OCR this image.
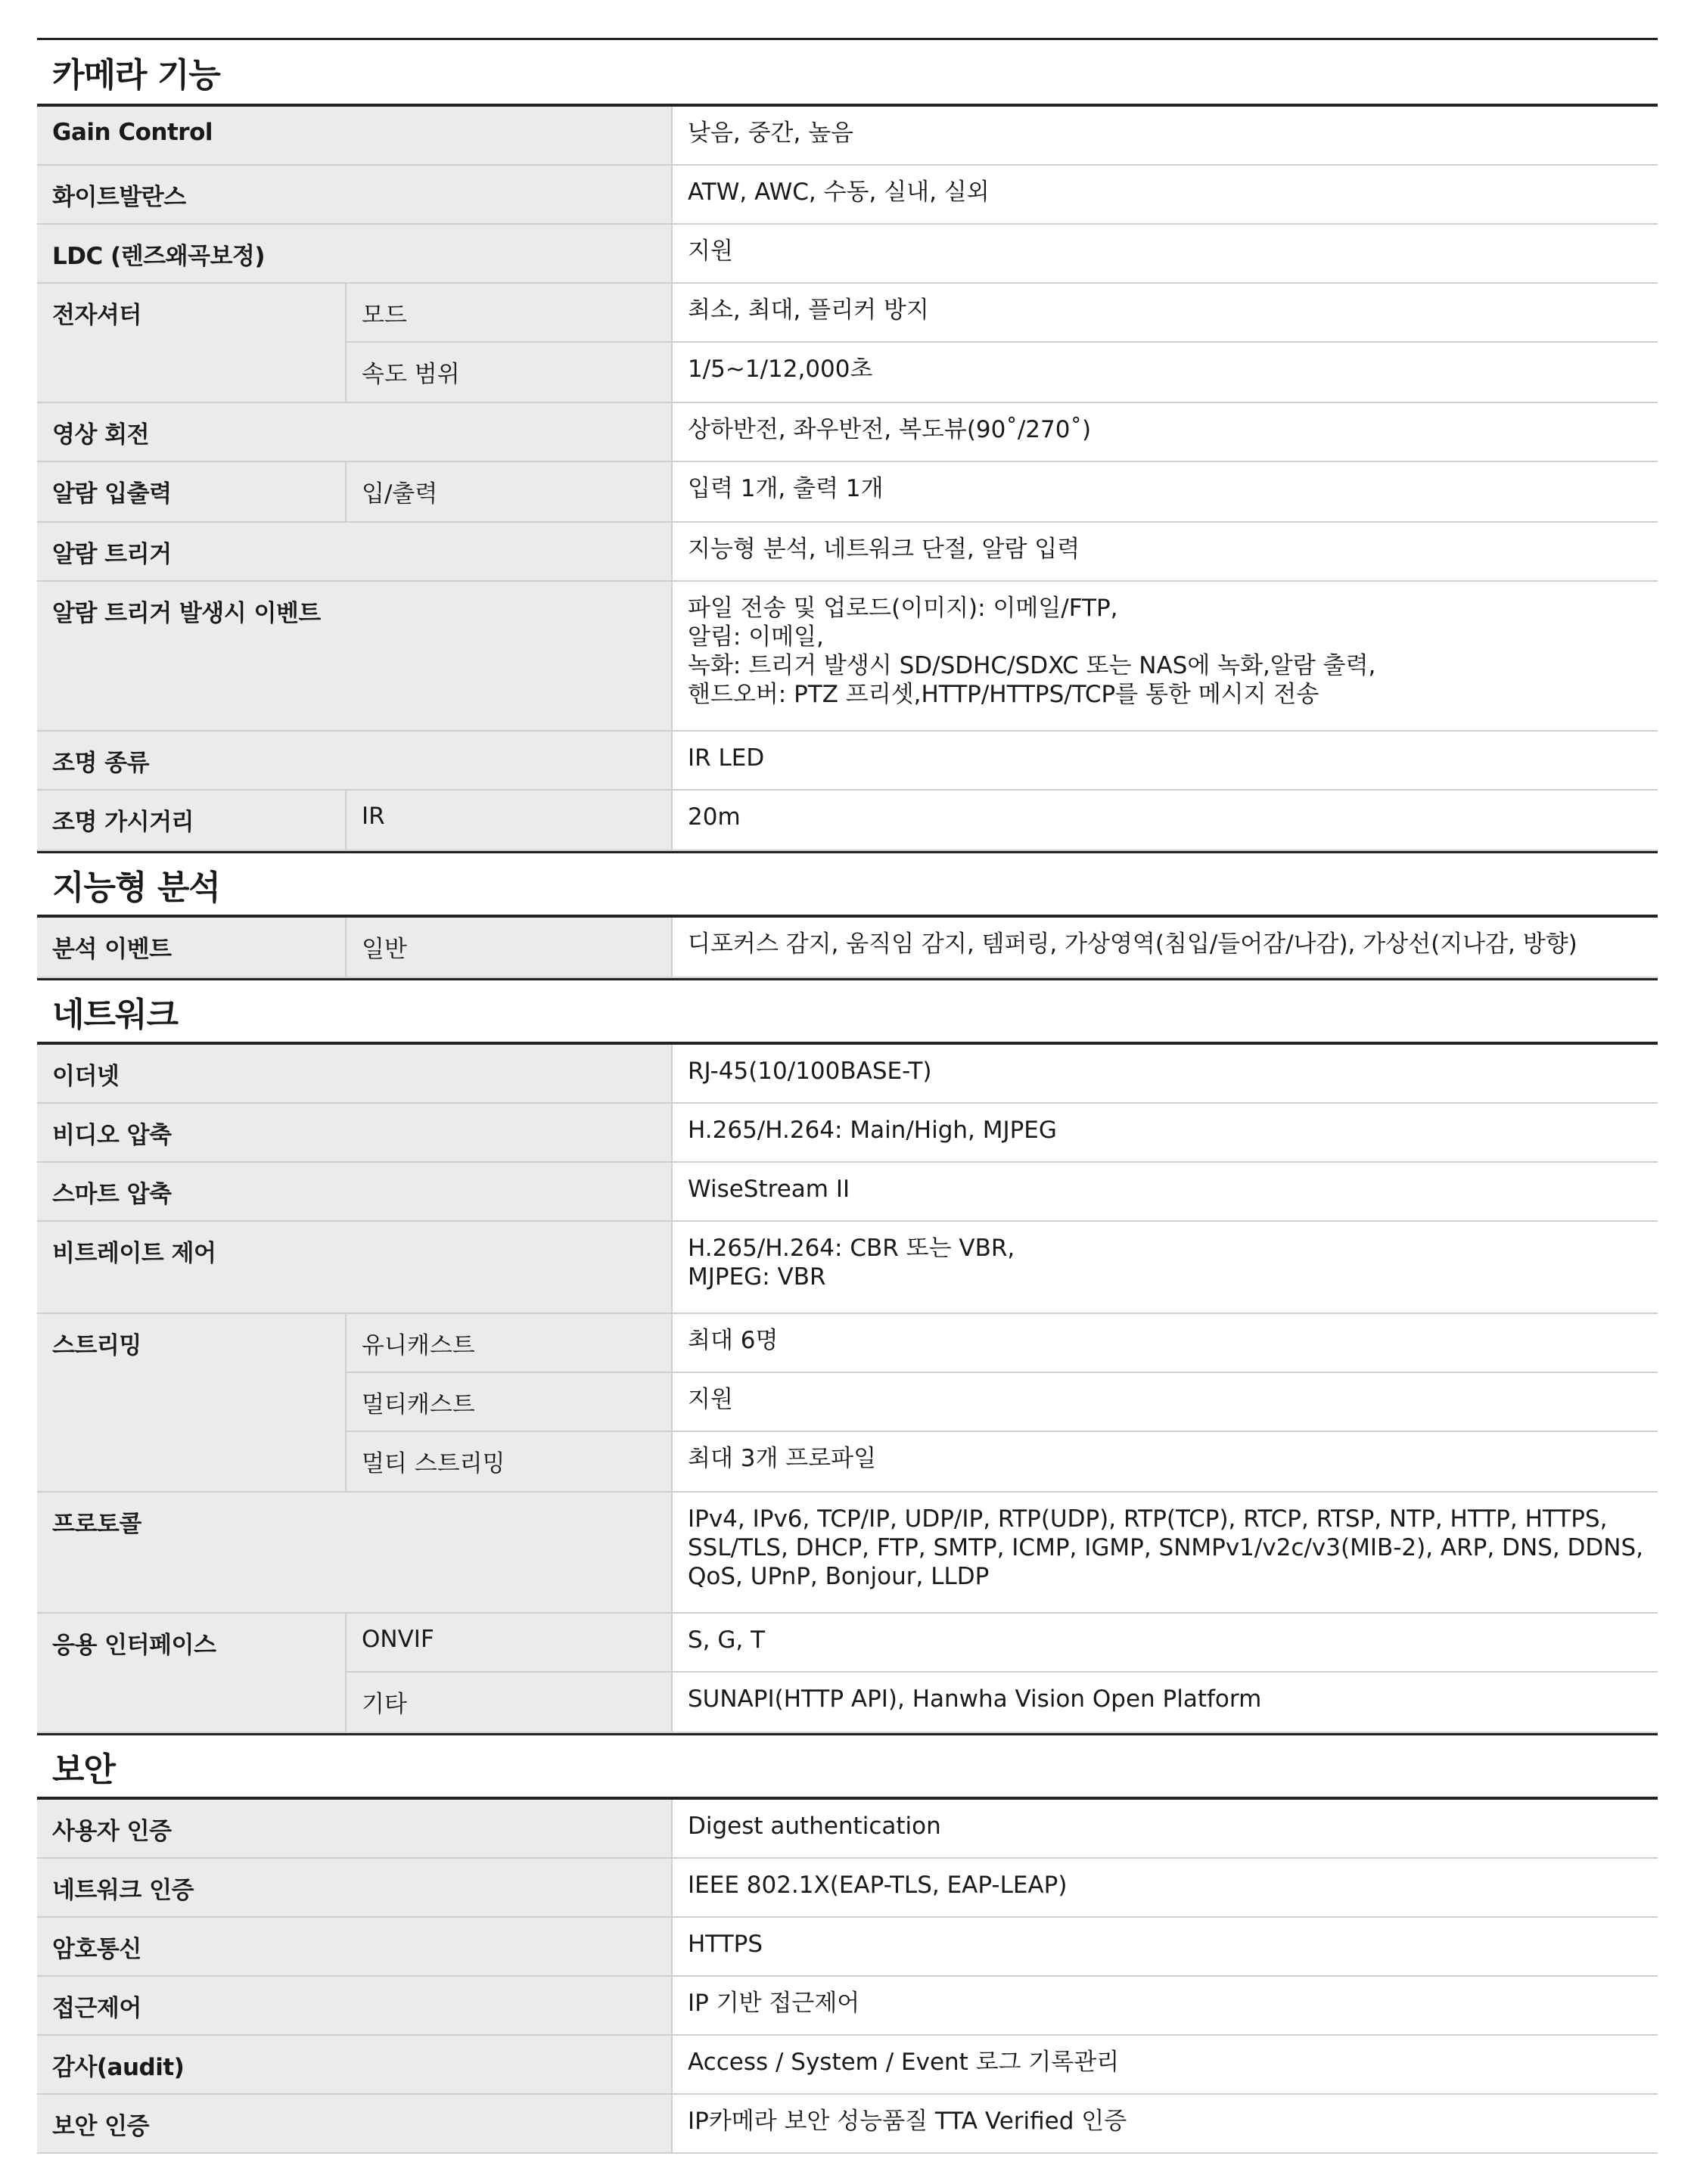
카메라 기능
Gain Control	낮음, 중간, 높음
화이트발란스	ATW, AWC, 수동, 실내, 실외
LDC (렌즈왜곡보정)	지원
전자셔터	모드	최소, 최대, 플리커 방지
속도 범위	1/5~1/12,000초
영상 회전	상하반전, 좌우반전, 복도뷰(90˚/270˚)
알람 입출력	입/출력	입력 1개, 출력 1개
알람 트리거	지능형 분석, 네트워크 단절, 알람 입력
알람 트리거 발생시 이벤트	파일 전송 및 업로드(이미지): 이메일/FTP,
알림: 이메일,
녹화: 트리거 발생시 SD/SDHC/SDXC 또는 NAS에 녹화,알람 출력,
핸드오버: PTZ 프리셋,HTTP/HTTPS/TCP를 통한 메시지 전송
조명 종류	IR LED
조명 가시거리	IR	20m
지능형 분석
분석 이벤트	일반	디포커스 감지, 움직임 감지, 템퍼링, 가상영역(침입/들어감/나감), 가상선(지나감, 방향)
네트워크
이더넷	RJ-45(10/100BASE-T)
비디오 압축	H.265/H.264: Main/High, MJPEG
스마트 압축	WiseStream II
비트레이트 제어	H.265/H.264: CBR 또는 VBR,
MJPEG: VBR
스트리밍	유니캐스트	최대 6명
멀티캐스트	지원
멀티 스트리밍	최대 3개 프로파일
프로토콜	IPv4, IPv6, TCP/IP, UDP/IP, RTP(UDP), RTP(TCP), RTCP, RTSP, NTP, HTTP, HTTPS,
SSL/TLS, DHCP, FTP, SMTP, ICMP, IGMP, SNMPv1/v2c/v3(MIB-2), ARP, DNS, DDNS,
QoS, UPnP, Bonjour, LLDP
응용 인터페이스	ONVIF	S, G, T
기타	SUNAPI(HTTP API), Hanwha Vision Open Platform
보안
사용자 인증	Digest authentication
네트워크 인증	IEEE 802.1X(EAP-TLS, EAP-LEAP)
암호통신	HTTPS
접근제어	IP 기반 접근제어
감사(audit)	Access / System / Event 로그 기록관리
보안 인증	IP카메라 보안 성능품질 TTA Verified 인증
